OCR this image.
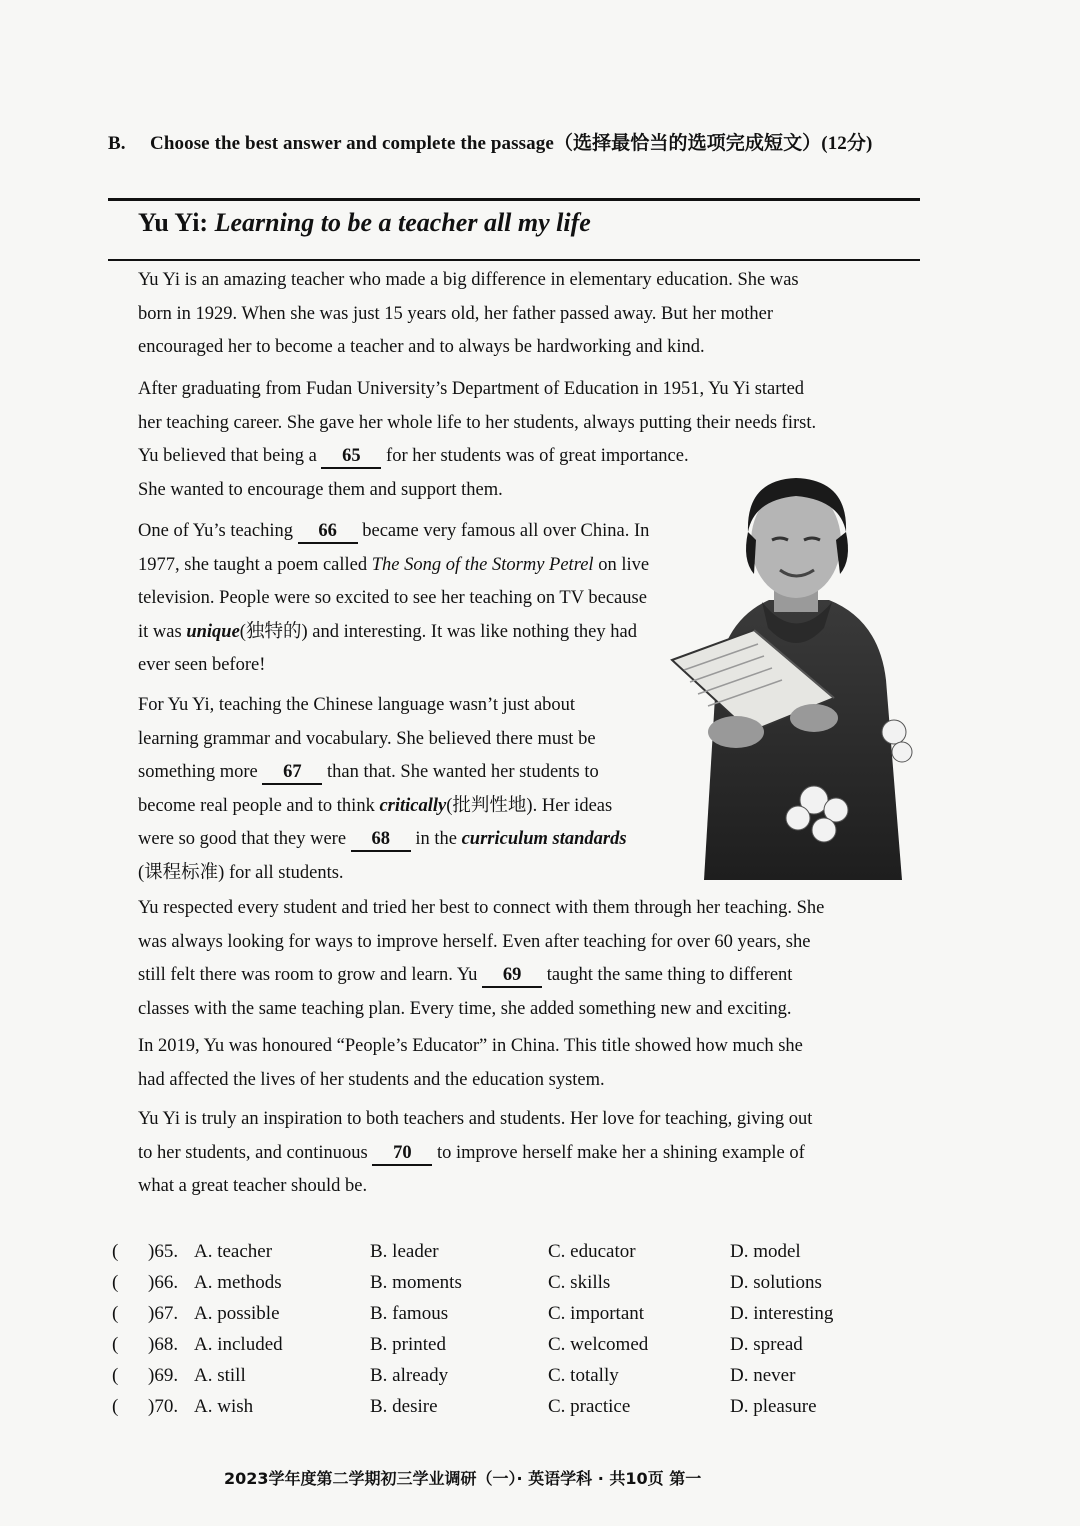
B. Choose the best answer and complete the passage（选择最恰当的选项完成短文）(12分)
Yu Yi: Learning to be a teacher all my life

Yu Yi is an amazing teacher who made a big difference in elementary education. She was
born in 1929. When she was just 15 years old, her father passed away. But her mother
encouraged her to become a teacher and to always be hardworking and kind.

After graduating from Fudan University’s Department of Education in 1951, Yu Yi started
her teaching career. She gave her whole life to her students, always putting their needs first.
Yu believed that being a 65 for her students was of great importance.
She wanted to encourage them and support them.

One of Yu’s teaching 66 became very famous all over China. In
1977, she taught a poem called The Song of the Stormy Petrel on live
television. People were so excited to see her teaching on TV because
it was unique(独特的) and interesting. It was like nothing they had
ever seen before!

For Yu Yi, teaching the Chinese language wasn’t just about
learning grammar and vocabulary. She believed there must be
something more 67 than that. She wanted her students to
become real people and to think critically(批判性地). Her ideas
were so good that they were 68 in the curriculum standards
(课程标准) for all students.

Yu respected every student and tried her best to connect with them through her teaching. She
was always looking for ways to improve herself. Even after teaching for over 60 years, she
still felt there was room to grow and learn. Yu 69 taught the same thing to different
classes with the same teaching plan. Every time, she added something new and exciting.

In 2019, Yu was honoured “People’s Educator” in China. This title showed how much she
had affected the lives of her students and the education system.

Yu Yi is truly an inspiration to both teachers and students. Her love for teaching, giving out
to her students, and continuous 70 to improve herself make her a shining example of
what a great teacher should be.

( )65. A. teacher	B. leader	C. educator	D. model
( )66. A. methods	B. moments	C. skills	D. solutions
( )67. A. possible	B. famous	C. important	D. interesting
( )68. A. included	B. printed	C. welcomed	D. spread
( )69. A. still	B. already	C. totally	D. never
( )70. A. wish	B. desire	C. practice	D. pleasure
2023学年度第二学期初三学业调研（一）· 英语学科 · 共10页 第一
